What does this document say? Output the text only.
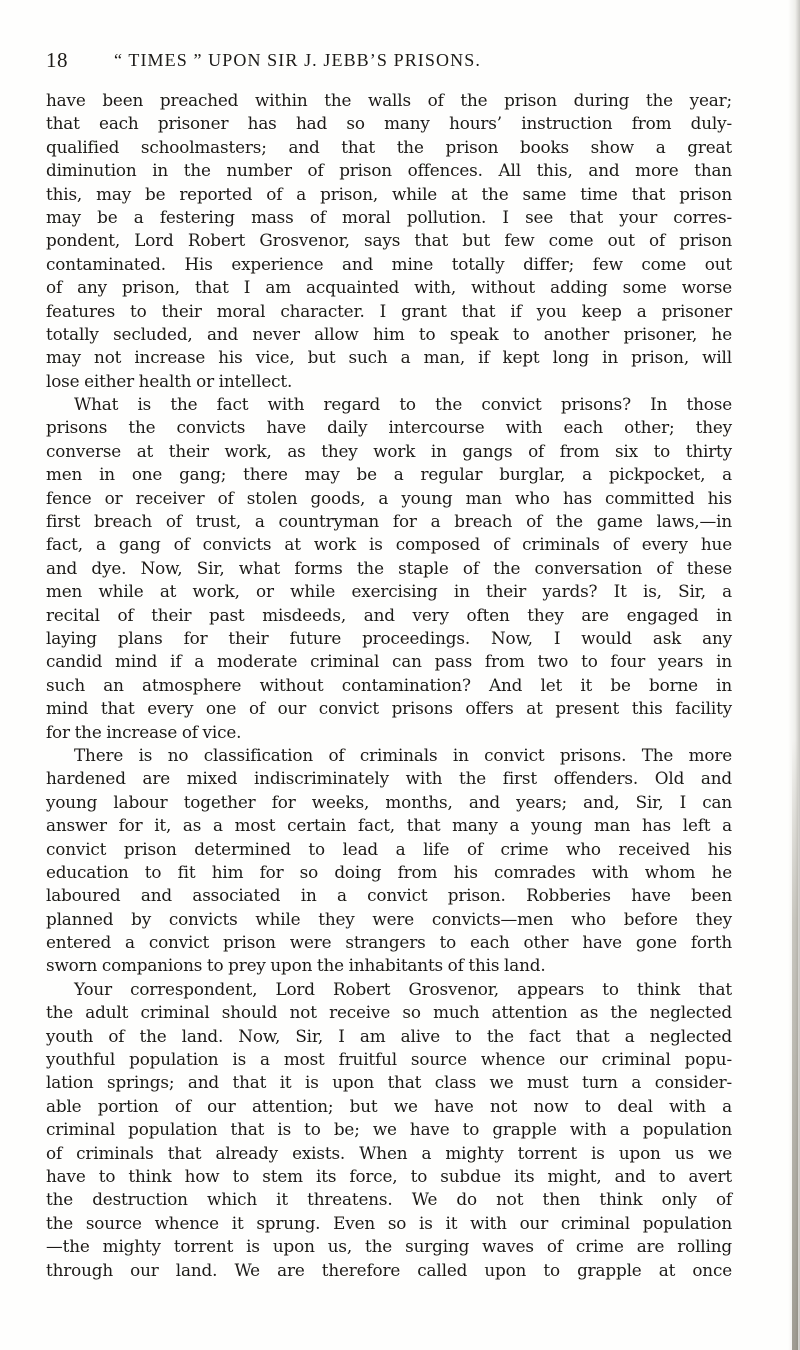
18	“ TIMES ” UPON SIR J. JEBB’S PRISONS.
have been preached within the walls of the prison during the year;
that each prisoner has had so many hours’ instruction from duly-
qualified schoolmasters; and that the prison books show a great
diminution in the number of prison offences. All this, and more than
this, may be reported of a prison, while at the same time that prison
may be a festering mass of moral pollution. I see that your corres-
pondent, Lord Robert Grosvenor, says that but few come out of prison
contaminated. His experience and mine totally differ; few come out
of any prison, that I am acquainted with, without adding some worse
features to their moral character. I grant that if you keep a prisoner
totally secluded, and never allow him to speak to another prisoner, he
may not increase his vice, but such a man, if kept long in prison, will
lose either health or intellect.
What is the fact with regard to the convict prisons? In those
prisons the convicts have daily intercourse with each other; they
converse at their work, as they work in gangs of from six to thirty
men in one gang; there may be a regular burglar, a pickpocket, a
fence or receiver of stolen goods, a young man who has committed his
first breach of trust, a countryman for a breach of the game laws,—in
fact, a gang of convicts at work is composed of criminals of every hue
and dye. Now, Sir, what forms the staple of the conversation of these
men while at work, or while exercising in their yards? It is, Sir, a
recital of their past misdeeds, and very often they are engaged in
laying plans for their future proceedings. Now, I would ask any
candid mind if a moderate criminal can pass from two to four years in
such an atmosphere without contamination? And let it be borne in
mind that every one of our convict prisons offers at present this facility
for the increase of vice.
There is no classification of criminals in convict prisons. The more
hardened are mixed indiscriminately with the first offenders. Old and
young labour together for weeks, months, and years; and, Sir, I can
answer for it, as a most certain fact, that many a young man has left a
convict prison determined to lead a life of crime who received his
education to fit him for so doing from his comrades with whom he
laboured and associated in a convict prison. Robberies have been
planned by convicts while they were convicts—men who before they
entered a convict prison were strangers to each other have gone forth
sworn companions to prey upon the inhabitants of this land.
Your correspondent, Lord Robert Grosvenor, appears to think that
the adult criminal should not receive so much attention as the neglected
youth of the land. Now, Sir, I am alive to the fact that a neglected
youthful population is a most fruitful source whence our criminal popu-
lation springs; and that it is upon that class we must turn a consider-
able portion of our attention; but we have not now to deal with a
criminal population that is to be; we have to grapple with a population
of criminals that already exists. When a mighty torrent is upon us we
have to think how to stem its force, to subdue its might, and to avert
the destruction which it threatens. We do not then think only of
the source whence it sprung. Even so is it with our criminal population
—the mighty torrent is upon us, the surging waves of crime are rolling
through our land. We are therefore called upon to grapple at once
